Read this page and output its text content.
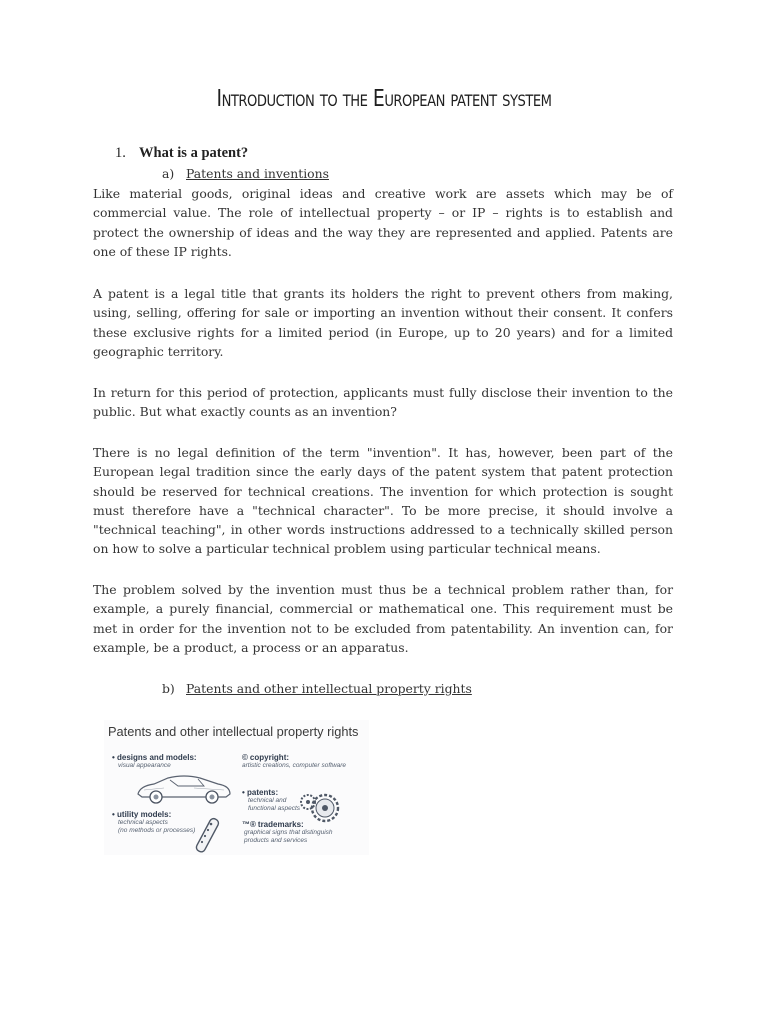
Introduction to the European patent system
1. What is a patent?
a) Patents and inventions

Like material goods, original ideas and creative work are assets which may be of commercial value. The role of intellectual property – or IP – rights is to establish and protect the ownership of ideas and the way they are represented and applied. Patents are one of these IP rights.

A patent is a legal title that grants its holders the right to prevent others from making, using, selling, offering for sale or importing an invention without their consent. It confers these exclusive rights for a limited period (in Europe, up to 20 years) and for a limited geographic territory.

In return for this period of protection, applicants must fully disclose their invention to the public. But what exactly counts as an invention?

There is no legal definition of the term "invention". It has, however, been part of the European legal tradition since the early days of the patent system that patent protection should be reserved for technical creations. The invention for which protection is sought must therefore have a "technical character". To be more precise, it should involve a "technical teaching", in other words instructions addressed to a technically skilled person on how to solve a particular technical problem using particular technical means.

The problem solved by the invention must thus be a technical problem rather than, for example, a purely financial, commercial or mathematical one. This requirement must be met in order for the invention not to be excluded from patentability. An invention can, for example, be a product, a process or an apparatus.

b) Patents and other intellectual property rights
Patents and other intellectual property rights
• designs and models:
visual appearance
© copyright:
artistic creations, computer software
• patents:
technical and
functional aspects
• utility models:
technical aspects
(no methods or processes)
™® trademarks:
graphical signs that distinguish
products and services
